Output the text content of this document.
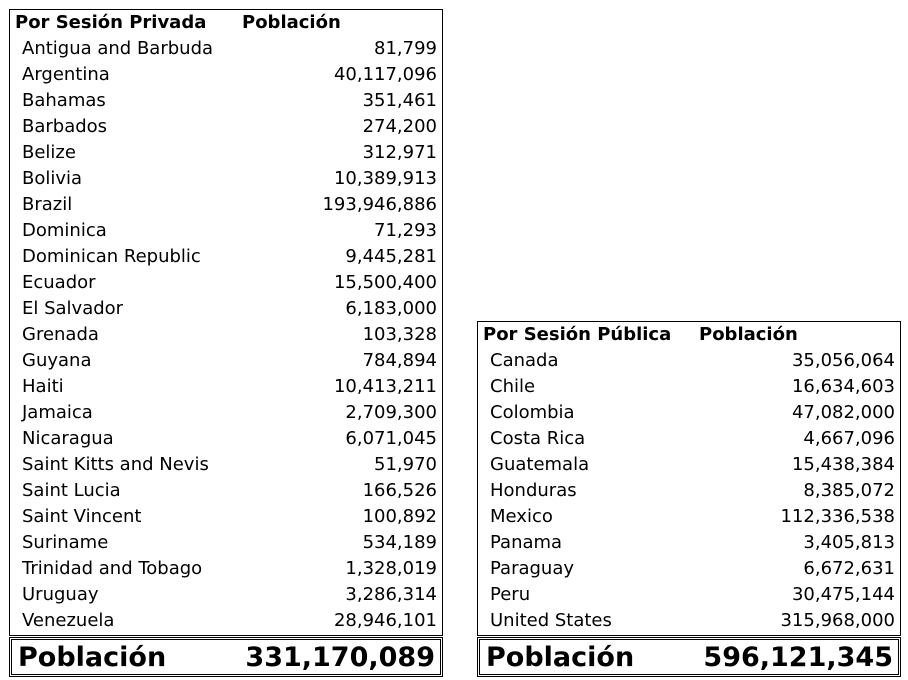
Por Sesión Privada Población
Antigua and Barbuda	81,799
Argentina	40,117,096
Bahamas	351,461
Barbados	274,200
Belize	312,971
Bolivia	10,389,913
Brazil	193,946,886
Dominica	71,293
Dominican Republic	9,445,281
Ecuador	15,500,400
El Salvador	6,183,000
Grenada	103,328
Guyana	784,894
Haiti	10,413,211
Jamaica	2,709,300
Nicaragua	6,071,045
Saint Kitts and Nevis	51,970
Saint Lucia	166,526
Saint Vincent	100,892
Suriname	534,189
Trinidad and Tobago	1,328,019
Uruguay	3,286,314
Venezuela	28,946,101
Población	331,170,089
Por Sesión Pública Población
Canada	35,056,064
Chile	16,634,603
Colombia	47,082,000
Costa Rica	4,667,096
Guatemala	15,438,384
Honduras	8,385,072
Mexico	112,336,538
Panama	3,405,813
Paraguay	6,672,631
Peru	30,475,144
United States	315,968,000
Población	596,121,345
